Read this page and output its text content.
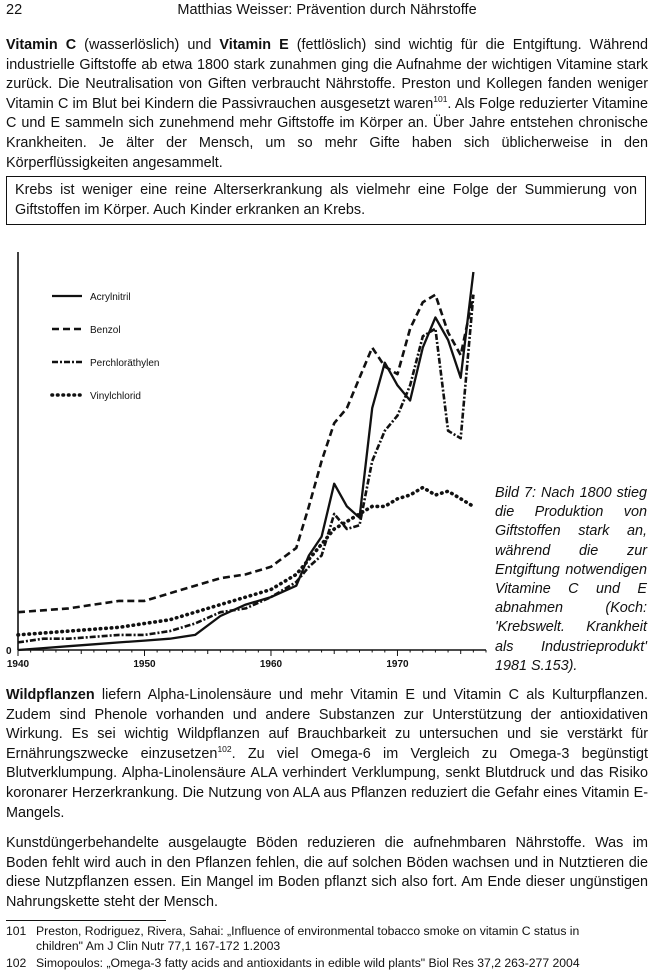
22	Matthias Weisser: Prävention durch Nährstoffe

Vitamin C (wasserlöslich) und Vitamin E (fettlöslich) sind wichtig für die Entgiftung. Während industrielle Giftstoffe ab etwa 1800 stark zunahmen ging die Aufnahme der wichtigen Vitamine stark zurück. Die Neutralisation von Giften verbraucht Nährstoffe. Preston und Kollegen fanden weniger Vitamin C im Blut bei Kindern die Passivrauchen ausgesetzt waren$^{101}$. Als Folge reduzierter Vitamine C und E sammeln sich zunehmend mehr Giftstoffe im Körper an. Über Jahre entstehen chronische Krankheiten. Je älter der Mensch, um so mehr Gifte haben sich üblicherweise in den Körperflüssigkeiten angesammelt.

Krebs ist weniger eine reine Alterserkrankung als vielmehr eine Folge der Summierung von Giftstoffen im Körper. Auch Kinder erkranken an Krebs.
1940	1950	1960	1970
0
Acrylnitril
Benzol
Perchloräthylen
Vinylchlorid
Bild 7: Nach 1800 stieg die Produktion von Giftstoffen stark an, während die zur Entgiftung notwendigen Vitamine C und E abnahmen (Koch: 'Krebswelt. Krankheit als Industrieprodukt' 1981 S.153).

Wildpflanzen liefern Alpha-Linolensäure und mehr Vitamin E und Vitamin C als Kulturpflanzen. Zudem sind Phenole vorhanden und andere Substanzen zur Unterstützung der antioxidativen Wirkung. Es sei wichtig Wildpflanzen auf Brauchbarkeit zu untersuchen und sie verstärkt für Ernährungszwecke einzusetzen$^{102}$. Zu viel Omega-6 im Vergleich zu Omega-3 begünstigt Blutverklumpung. Alpha-Linolensäure ALA verhindert Verklumpung, senkt Blutdruck und das Risiko koronarer Herzerkrankung. Die Nutzung von ALA aus Pflanzen reduziert die Gefahr eines Vitamin E-Mangels.

Kunstdüngerbehandelte ausgelaugte Böden reduzieren die aufnehmbaren Nährstoffe. Was im Boden fehlt wird auch in den Pflanzen fehlen, die auf solchen Böden wachsen und in Nutztieren die diese Nutzpflanzen essen. Ein Mangel im Boden pflanzt sich also fort. Am Ende dieser ungünstigen Nahrungskette steht der Mensch.

101 Preston, Rodriguez, Rivera, Sahai: „Influence of environmental tobacco smoke on vitamin C status in
children" Am J Clin Nutr 77,1 167-172 1.2003
102 Simopoulos: „Omega-3 fatty acids and antioxidants in edible wild plants" Biol Res 37,2 263-277 2004
